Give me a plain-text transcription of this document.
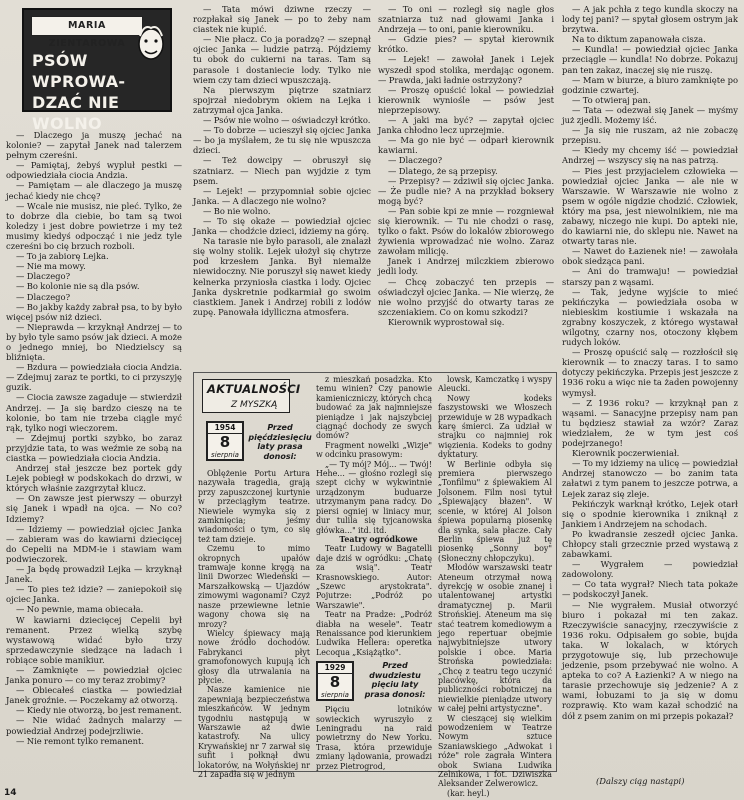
MARIA ZIENTAROWA
PSÓW WPROWA-
DZAĆ NIE WOLNO

— Dlaczego ja muszę jechać na kolonie? — zapytał Janek nad talerzem pełnym czereśni.

— Pamiętaj, żebyś wypluł pestki — odpowiedziała ciocia Andzia.

— Pamiętam — ale dlaczego ja muszę jechać kiedy nie chcę?

— Wcale nie musisz, nie pleć. Tylko, że to dobrze dla ciebie, bo tam są twoi koledzy i jest dobre powietrze i my też musimy kiedyś odpocząć i nie jedz tyle czereśni bo cię brzuch rozboli.

— To ja zabiorę Lejka.

— Nie ma mowy.

— Dlaczego?

— Bo kolonie nie są dla psów.

— Dlaczego?

— Bo jakby każdy zabrał psa, to by było więcej psów niż dzieci.

— Nieprawda — krzyknął Andrzej — to by było tyle samo psów jak dzieci. A może o jednego mniej, bo Niedzielscy są bliźnięta.

— Bzdura — powiedziała ciocia Andzia. — Zdejmuj zaraz te portki, to ci przyszyję guzik.

— Ciocia zawsze zagaduje — stwierdził Andrzej. — Ja się bardzo cieszę na te kolonie, bo tam nie trzeba ciągle myć rąk, tylko nogi wieczorem.

— Zdejmuj portki szybko, bo zaraz przyjdzie tata, to was weźmie ze sobą na ciastka — powiedziała ciocia Andzia.

Andrzej stał jeszcze bez portek gdy Lejek pobiegł w podskokach do drzwi, w których właśnie zazgrzytał klucz.

— On zawsze jest pierwszy — oburzył się Janek i wpadł na ojca. — No co? Idziemy?

— Idziemy — powiedział ojciec Janka — zabieram was do kawiarni dziecięcej do Cepelii na MDM-ie i stawiam wam podwieczorek.

— Ja będę prowadził Lejka — krzyknął Janek.

— To pies też idzie? — zaniepokoił się ojciec Janka.

— No pewnie, mama obiecała.

W kawiarni dziecięcej Cepelii był remanent. Przez wielką szybę wystawową widać było trzy sprzedawczynie siedzące na ladach i robiące sobie manikiur.

— Zamknięte — powiedział ojciec Janka ponuro — co my teraz zrobimy?

— Obiecałeś ciastka — powiedział Janek groźnie. — Poczekamy aż otworzą.

— Kiedy nie otworzą, bo jest remanent.

— Nie widać żadnych malarzy — powiedział Andrzej podejrzliwie.

— Nie remont tylko remanent.

— Tata mówi dziwne rzeczy — rozpłakał się Janek — po to żeby nam ciastek nie kupić.

— Nie płacz. Co ja poradzę? — szepnął ojciec Janka — ludzie patrzą. Pójdziemy tu obok do cukierni na taras. Tam są parasole i dostaniecie lody. Tylko nie wiem czy tam dzieci wpuszczają.

Na pierwszym piętrze szatniarz spojrzał niedobrym okiem na Lejka i zatrzymał ojca Janka.

— Psów nie wolno — oświadczył krótko.

— To dobrze — ucieszył się ojciec Janka — bo ja myślałem, że tu się nie wpuszcza dzieci.

— Też dowcipy — obruszył się szatniarz. — Niech pan wyjdzie z tym psem.

— Lejek! — przypomniał sobie ojciec Janka. — A dlaczego nie wolno?

— Bo nie wolno.

— To się okaże — powiedział ojciec Janka — chodźcie dzieci, idziemy na górę.

Na tarasie nie było parasoli, ale znalazł się wolny stolik. Lejek ułożył się chytrze pod krzesłem Janka. Był niemalże niewidoczny. Nie poruszył się nawet kiedy kelnerka przyniosła ciastka i lody. Ojciec Janka dyskretnie podkarmiał go swoim ciastkiem. Janek i Andrzej robili z lodów zupę. Panowała idylliczna atmosfera.

— To oni — rozległ się nagle głos szatniarza tuż nad głowami Janka i Andrzeja — to oni, panie kierowniku.

— Gdzie pies? — spytał kierownik krótko.

— Lejek! — zawołał Janek i Lejek wyszedł spod stolika, merdając ogonem. — Prawda, jaki ładnie ostrzyżony?

— Proszę opuścić lokal — powiedział kierownik wyniośle — psów jest nieprzepisowy.

— A jaki ma być? — zapytał ojciec Janka chłodno lecz uprzejmie.

— Ma go nie być — odparł kierownik kawiarni.

— Dlaczego?

— Dlatego, że są przepisy.

— Przepisy? — zdziwił się ojciec Janka. — Że pudle nie? A na przykład boksery mogą być?

— Pan sobie kpi ze mnie — rozgniewał się kierownik. — Tu nie chodzi o rasę, tylko o fakt. Psów do lokalów zbiorowego żywienia wprowadzać nie wolno. Zaraz zawołam milicję.

Janek i Andrzej milczkiem zbierowo jedli lody.

— Chcę zobaczyć ten przepis — oświadczył ojciec Janka. — Nie wierzę, że nie wolno przyjść do otwarty taras ze szczeniakiem. Co on komu szkodzi?

Kierownik wyprostował się.

— A jak pchła z tego kundla skoczy na lody tej pani? — spytał głosem ostrym jak brzytwa.

Na to diktum zapanowała cisza.

— Kundla! — powiedział ojciec Janka przeciągle — kundla! No dobrze. Pokazuj pan ten zakaz, inaczej się nie ruszę.

— Mam w biurze, a biuro zamknięte po godzinie czwartej.

— To otwieraj pan.

— Tata — odezwał się Janek — myśmy już zjedli. Możemy iść.

— Ja się nie ruszam, aż nie zobaczę przepisu.

— Kiedy my chcemy iść — powiedział Andrzej — wszyscy się na nas patrzą.

— Pies jest przyjacielem człowieka — powiedział ojciec Janka — ale nie w Warszawie. W Warszawie nie wolno z psem w ogóle nigdzie chodzić. Człowiek, który ma psa, jest niewolnikiem, nie ma zabawy, niczego nie kupi. Do apteki nie, do kawiarni nie, do sklepu nie. Nawet na otwarty taras nie.

— Nawet do Łazienek nie! — zawołała obok siedząca pani.

— Ani do tramwaju! — powiedział starszy pan z wąsami.

— Tak, jedyne wyjście to mieć pekińczyka — powiedziała osoba w niebieskim kostiumie i wskazała na zgrabny koszyczek, z którego wystawał wilgotny, czarny nos, otoczony kłębem rudych loków.

— Proszę opuścić salę — rozzłościł się kierownik — to znaczy taras. I to samo dotyczy pekińczyka. Przepis jest jeszcze z 1936 roku a więc nie ta żaden powojenny wymysł.

— Z 1936 roku? — krzyknął pan z wąsami. — Sanacyjne przepisy nam pan tu będziesz stawiał za wzór? Zaraz wiedziałem, że w tym jest coś podejrzanego!

Kierownik poczerwieniał.

— To my idziemy na ulicę — powiedział Andrzej stanowczo — bo zanim tata załatwi z tym panem to jeszcze potrwa, a Lejek zaraz się zleje.

Pekińczyk warknął krótko, Lejek otarł się o spodnie kierownika i zniknął z Jankiem i Andrzejem na schodach.

Po kwadransie zeszedł ojciec Janka. Chłopcy stali grzecznie przed wystawą z zabawkami.

— Wygrałem — powiedział zadowolony.

— Co tata wygrał? Niech tata pokaże — podskoczył Janek.

— Nie wygrałem. Musiał otworzyć biuro i pokazał mi ten zakaz. Rzeczywiście sanacyjny, rzeczywiście z 1936 roku. Odpisałem go sobie, bujda taka. W lokalach, w których przygotowuje się, lub przechowuje jedzenie, psom przebywać nie wolno. A apteka to co? A Łazienki? A w niego na tarasie przechowuje się jedzenie? A z wami, łobuzami to ja się w domu rozprawię. Kto wam kazał schodzić na dół z psem zanim on mi przepis pokazał?

AKTUALNOŚCI
Z MYSZKĄ
1954
8
sierpnia
Przed pięćdziesięciu laty prasa donosi:

Oblężenie Portu Artura nazywała tragedia, grają przy zapuszczonej kurtynie w przeciągłym teatrze. Niewiele wymyka się z zamknięcia; jeśmy wiadomości o tym, co się też tam dzieje.

Czemu to mimo okropnych upałów tramwaje konne kręgą na linii Dworzec Wiedeński — Marszałkowską — Ujazdów zimowymi wagonami? Czyż nasze przewiewne letnie wagony chowa się na mrozy?

Wielcy śpiewacy mają nowe źródło dochodów. Fabrykanci płyt gramofonowych kupują ich głosy dla utrwalania na płycie.

Nasze kamienice nie zapewniają bezpieczeństwa mieszkańców. W jednym tygodniu następują w Warszawie aż dwie katastrofy. Na ulicy Krywańskiej nr 7 zarwał się sufit i połknął dwu lokatorów, na Wołyńskiej nr 21 zapadła się w jednym

z mieszkań posadzka. Kto temu winien? Czy panowie kamieniczniczy, których chcą budować za jak najmniejsze pieniądze i jak najszybciej ciągnąć dochody ze swych domów?

Fragment nowelki „Wizje" w odcinku prasowym:

„— Ty mój? Mój... — Twój! Hehe... — głośno rozległ się szept cichy w wykwintnie urządzonym buduarze utrzymanym pana radcy. Do piersi ogniej w liniacy mur, dur tulila się tyjcanowska główka..." itd. itd.

Teatry ogródkowe

Teatr Ludowy w Bagatelli daje dziś w ogródku: „Chatę za wsią". Teatr Krasnowskiego. Autor: „Szewc arystokrata". Pojutrze: „Podróż po Warszawie".

Teatr na Pradze: „Podróż diabła na wesele". Teatr Renaissance pod kierunkiem Ludwika Hellera: operetka Lecoqua „Książątko".

1929
8
sierpnia
Przed dwudziestu pięciu laty prasa donosi:

Pięciu lotników sowieckich wyruszyło z Leningradu na raid powietrzny do New Yorku. Trasa, która przewiduje zmiany lądowania, prowadzi przez Pietrogrod,

lowsk, Kamczatkę i wyspy Aleucki.

Nowy kodeks faszystowski we Włoszech przewiduje w 28 wypadkach karę śmierci. Za udział w strajku co najmniej rok więzienia. Kodeks to godny dyktatury.

W Berlinie odbyła się premiera pierwszego „Tonfilmu" z śpiewakiem Al Jolsonem. Film nosi tytuł „Śpiewający błazen". W scenie, w której Al Jolson śpiewa popularną piosenkę dla synka, sala płacze. Cały Berlin śpiewa już tę piosenkę „Sonny boy" (Słoneczny chłopczyku).

Młodów warszawski teatr Ateneum otrzymał nową dyrekcję w osobie znanej i utalentowanej artystki dramatycznej p. Marii Strońskiej. Ateneum ma się stać teatrem komediowym a jego repertuar obejmie najwybitniejsze utwory polskie i obce. Maria Strońska powiedziała: „Chcę z teatru tego uczynić placówkę, która da publiczności robotniczej na niewielkie pieniądze utwory w całej pełni artystyczne".

W cieszącej się wielkim powodzeniem w Teatrze Nowym sztuce Szaniawskiego „Adwokat i róże" role zagrała Wintera obok Swiana Ludwika Zelnikowa, i fot. Dziwiszka Aleksander Zelwerowicz.

(kar. heyl.)

(Dalszy ciąg nastąpi)
14
